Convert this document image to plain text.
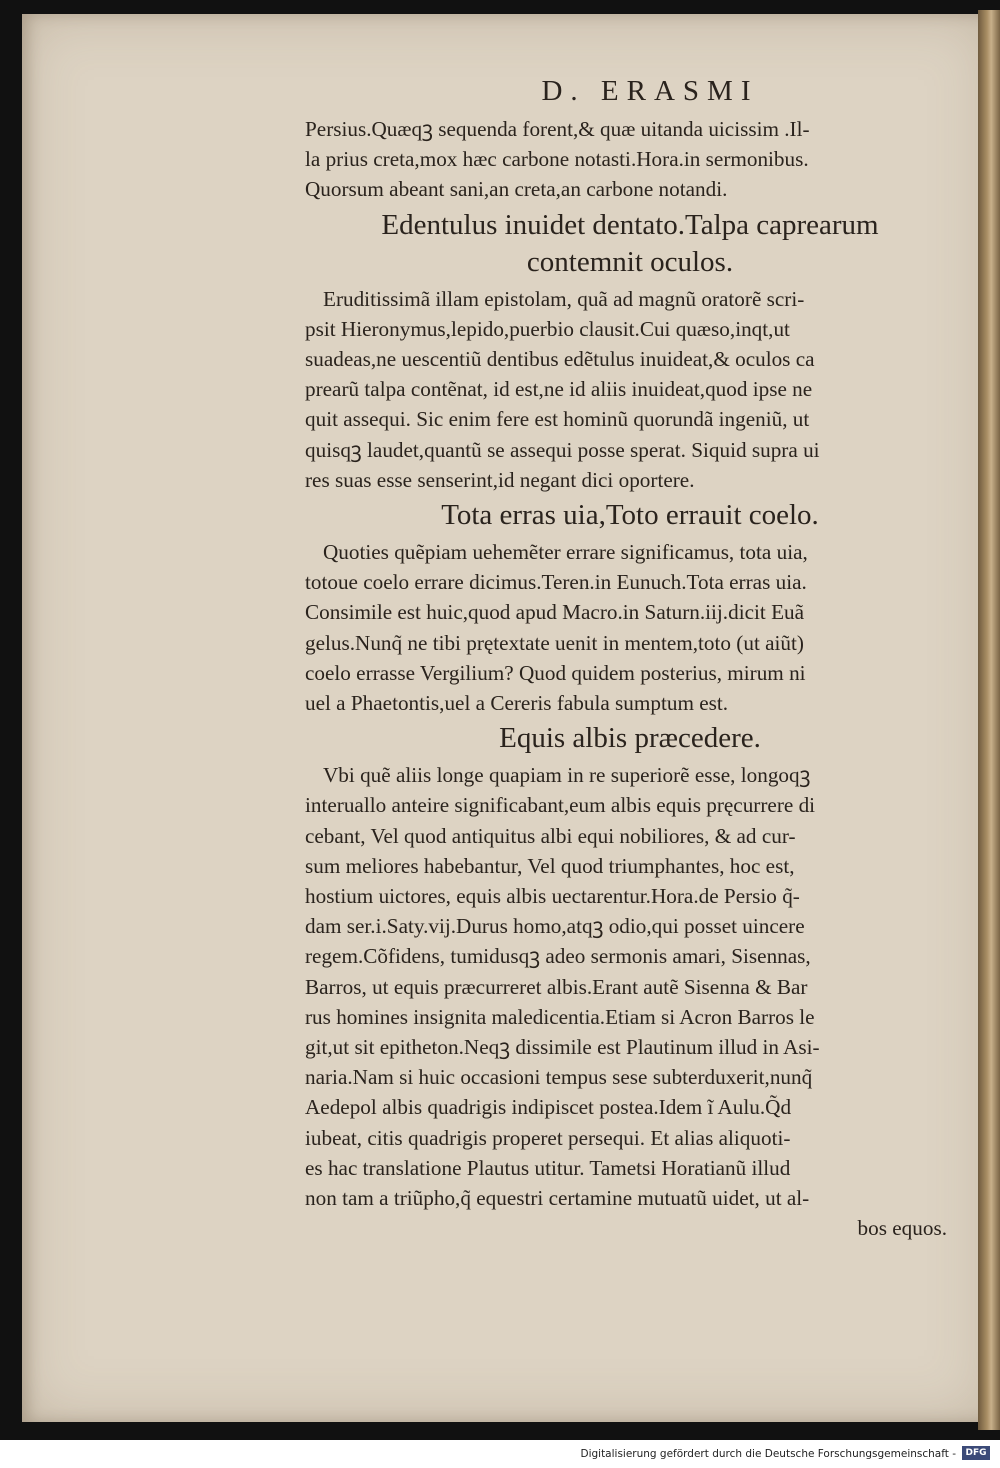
D. ERASMI

Persius.Quæqꝫ sequenda forent,& quæ uitanda uicissim .Il-
la prius creta,mox hæc carbone notasti.Hora.in sermonibus.
Quorsum abeant sani,an creta,an carbone notandi.

Edentulus inuidet dentato.Talpa caprearum
contemnit oculos.

Eruditissimã illam epistolam, quã ad magnũ oratorẽ scri-
psit Hieronymus,lepido,puerbio clausit.Cui quæso,inqt,ut
suadeas,ne uescentiũ dentibus edẽtulus inuideat,& oculos ca
prearũ talpa contẽnat, id est,ne id aliis inuideat,quod ipse ne
quit assequi. Sic enim fere est hominũ quorundã ingeniũ, ut
quisqꝫ laudet,quantũ se assequi posse sperat. Siquid supra ui
res suas esse senserint,id negant dici oportere.

Tota erras uia,Toto errauit coelo.

Quoties quẽpiam uehemẽter errare significamus, tota uia,
totoue coelo errare dicimus.Teren.in Eunuch.Tota erras uia.
Consimile est huic,quod apud Macro.in Saturn.iij.dicit Euã
gelus.Nunq̃ ne tibi prętextate uenit in mentem,toto (ut aiũt)
coelo errasse Vergilium? Quod quidem posterius, mirum ni
uel a Phaetontis,uel a Cereris fabula sumptum est.

Equis albis præcedere.

Vbi quẽ aliis longe quapiam in re superiorẽ esse, longoqꝫ
interuallo anteire significabant,eum albis equis pręcurrere di
cebant, Vel quod antiquitus albi equi nobiliores, & ad cur-
sum meliores habebantur, Vel quod triumphantes, hoc est,
hostium uictores, equis albis uectarentur.Hora.de Persio q̃-
dam ser.i.Saty.vij.Durus homo,atqꝫ odio,qui posset uincere
regem.Cõfidens, tumidusqꝫ adeo sermonis amari, Sisennas,
Barros, ut equis præcurreret albis.Erant autẽ Sisenna & Bar
rus homines insignita maledicentia.Etiam si Acron Barros le
git,ut sit epitheton.Neqꝫ dissimile est Plautinum illud in Asi-
naria.Nam si huic occasioni tempus sese subterduxerit,nunq̃
Aedepol albis quadrigis indipiscet postea.Idem ĩ Aulu.Q̃d
iubeat, citis quadrigis properet persequi. Et alias aliquoti-
es hac translatione Plautus utitur. Tametsi Horatianũ illud
non tam a triũpho,q̃ equestri certamine mutuatũ uidet, ut al-
bos equos.

Digitalisierung gefördert durch die Deutsche Forschungsgemeinschaft -	DFG
